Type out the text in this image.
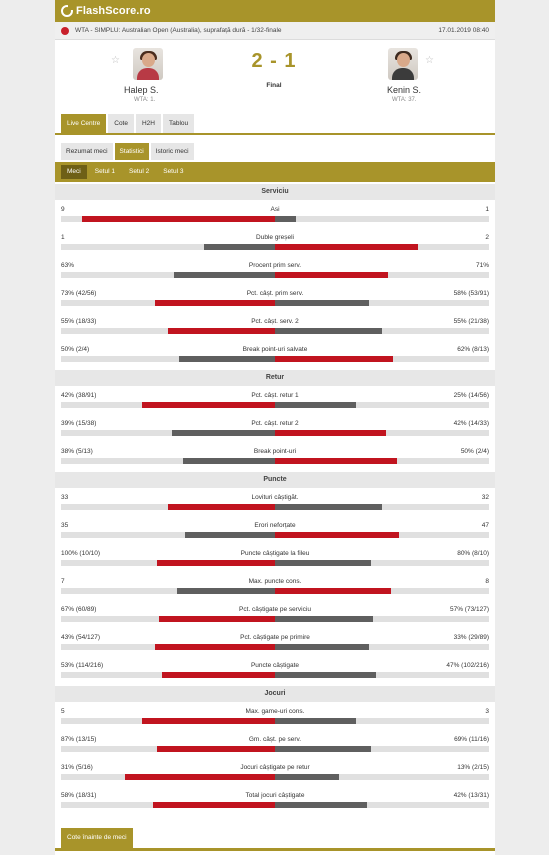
FlashScore.ro
WTA - SIMPLU: Australian Open (Australia), suprafață dură - 1/32-finale	17.01.2019 08:40
☆	☆
Halep S.
WTA: 1.
Kenin S.
WTA: 37.
2 - 1
Final
Live Centre	Cote	H2H	Tablou
Rezumat meci	Statistici	Istoric meci
Meci	Setul 1	Setul 2	Setul 3
Serviciu
Asi
9	1
Duble greșeli
1	2
Procent prim serv.
63%	71%
Pct. câșt. prim serv.
73% (42/56)	58% (53/91)
Pct. câșt. serv. 2
55% (18/33)	55% (21/38)
Break point-uri salvate
50% (2/4)	62% (8/13)
Retur
Pct. câșt. retur 1
42% (38/91)	25% (14/56)
Pct. câșt. retur 2
39% (15/38)	42% (14/33)
Break point-uri
38% (5/13)	50% (2/4)
Puncte
Lovituri câștigăt.
33	32
Erori neforțate
35	47
Puncte câștigate la fileu
100% (10/10)	80% (8/10)
Max. puncte cons.
7	8
Pct. câștigate pe serviciu
67% (60/89)	57% (73/127)
Pct. câștigate pe primire
43% (54/127)	33% (29/89)
Puncte câștigate
53% (114/216)	47% (102/216)
Jocuri
Max. game-uri cons.
5	3
Gm. câșt. pe serv.
87% (13/15)	69% (11/16)
Jocuri câștigate pe retur
31% (5/16)	13% (2/15)
Total jocuri câștigate
58% (18/31)	42% (13/31)
Cote înainte de meci
